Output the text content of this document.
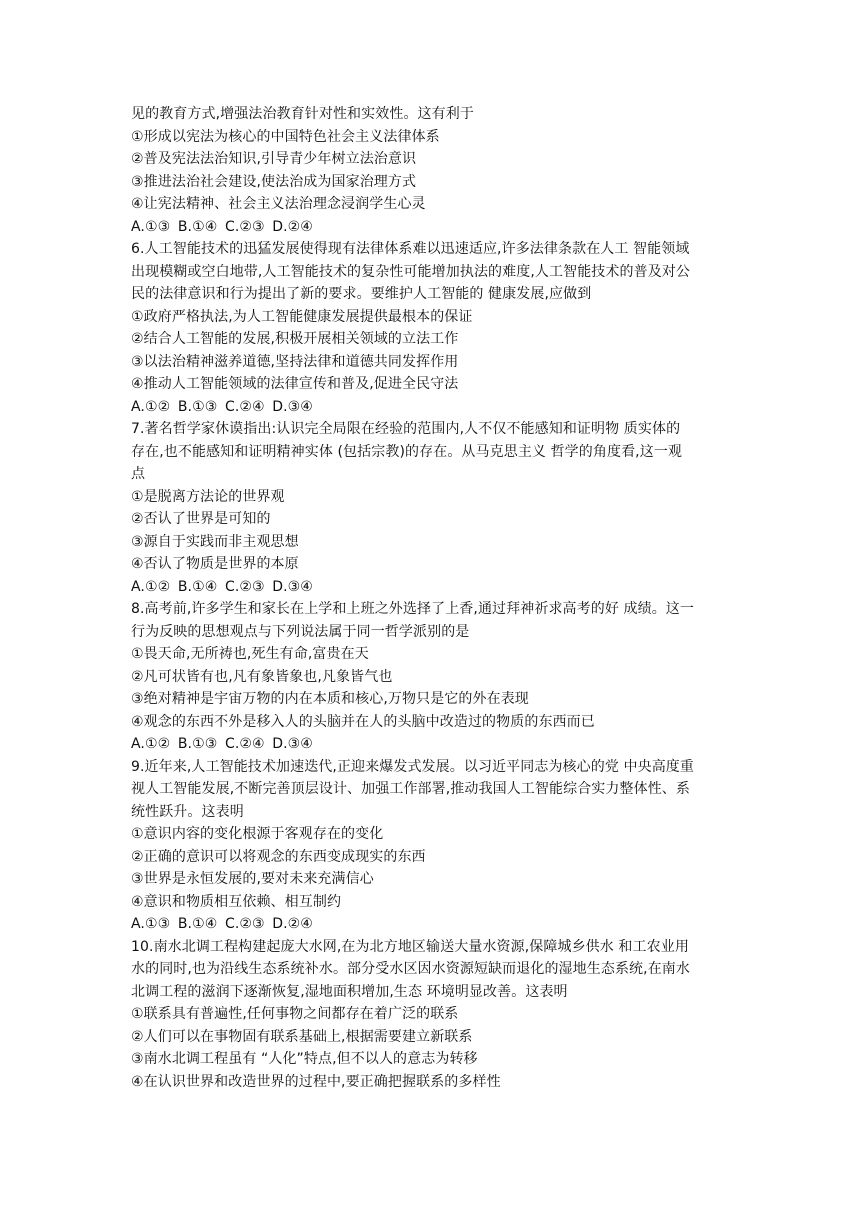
见的教育方式,增强法治教育针对性和实效性。这有利于
①形成以宪法为核心的中国特色社会主义法律体系
②普及宪法法治知识,引导青少年树立法治意识
③推进法治社会建设,使法治成为国家治理方式
④让宪法精神、社会主义法治理念浸润学生心灵
A.①③ B.①④ C.②③ D.②④
6.人工智能技术的迅猛发展使得现有法律体系难以迅速适应,许多法律条款在人工 智能领域
出现模糊或空白地带,人工智能技术的复杂性可能增加执法的难度,人工智能技术的普及对公
民的法律意识和行为提出了新的要求。要维护人工智能的 健康发展,应做到
①政府严格执法,为人工智能健康发展提供最根本的保证
②结合人工智能的发展,积极开展相关领域的立法工作
③以法治精神滋养道德,坚持法律和道德共同发挥作用
④推动人工智能领域的法律宣传和普及,促进全民守法
A.①② B.①③ C.②④ D.③④
7.著名哲学家休谟指出:认识完全局限在经验的范围内,人不仅不能感知和证明物 质实体的
存在,也不能感知和证明精神实体 (包括宗教)的存在。从马克思主义 哲学的角度看,这一观
点
①是脱离方法论的世界观
②否认了世界是可知的
③源自于实践而非主观思想
④否认了物质是世界的本原
A.①② B.①④ C.②③ D.③④
8.高考前,许多学生和家长在上学和上班之外选择了上香,通过拜神祈求高考的好 成绩。这一
行为反映的思想观点与下列说法属于同一哲学派别的是
①畏天命,无所祷也,死生有命,富贵在天
②凡可状皆有也,凡有象皆象也,凡象皆气也
③绝对精神是宇宙万物的内在本质和核心,万物只是它的外在表现
④观念的东西不外是移入人的头脑并在人的头脑中改造过的物质的东西而已
A.①② B.①③ C.②④ D.③④
9.近年来,人工智能技术加速迭代,正迎来爆发式发展。以习近平同志为核心的党 中央高度重
视人工智能发展,不断完善顶层设计、加强工作部署,推动我国人工智能综合实力整体性、系
统性跃升。这表明
①意识内容的变化根源于客观存在的变化
②正确的意识可以将观念的东西变成现实的东西
③世界是永恒发展的,要对未来充满信心
④意识和物质相互依赖、相互制约
A.①③ B.①④ C.②③ D.②④
10.南水北调工程构建起庞大水网,在为北方地区输送大量水资源,保障城乡供水 和工农业用
水的同时,也为沿线生态系统补水。部分受水区因水资源短缺而退化的湿地生态系统,在南水
北调工程的滋润下逐渐恢复,湿地面积增加,生态 环境明显改善。这表明
①联系具有普遍性,任何事物之间都存在着广泛的联系
②人们可以在事物固有联系基础上,根据需要建立新联系
③南水北调工程虽有 “人化”特点,但不以人的意志为转移
④在认识世界和改造世界的过程中,要正确把握联系的多样性
